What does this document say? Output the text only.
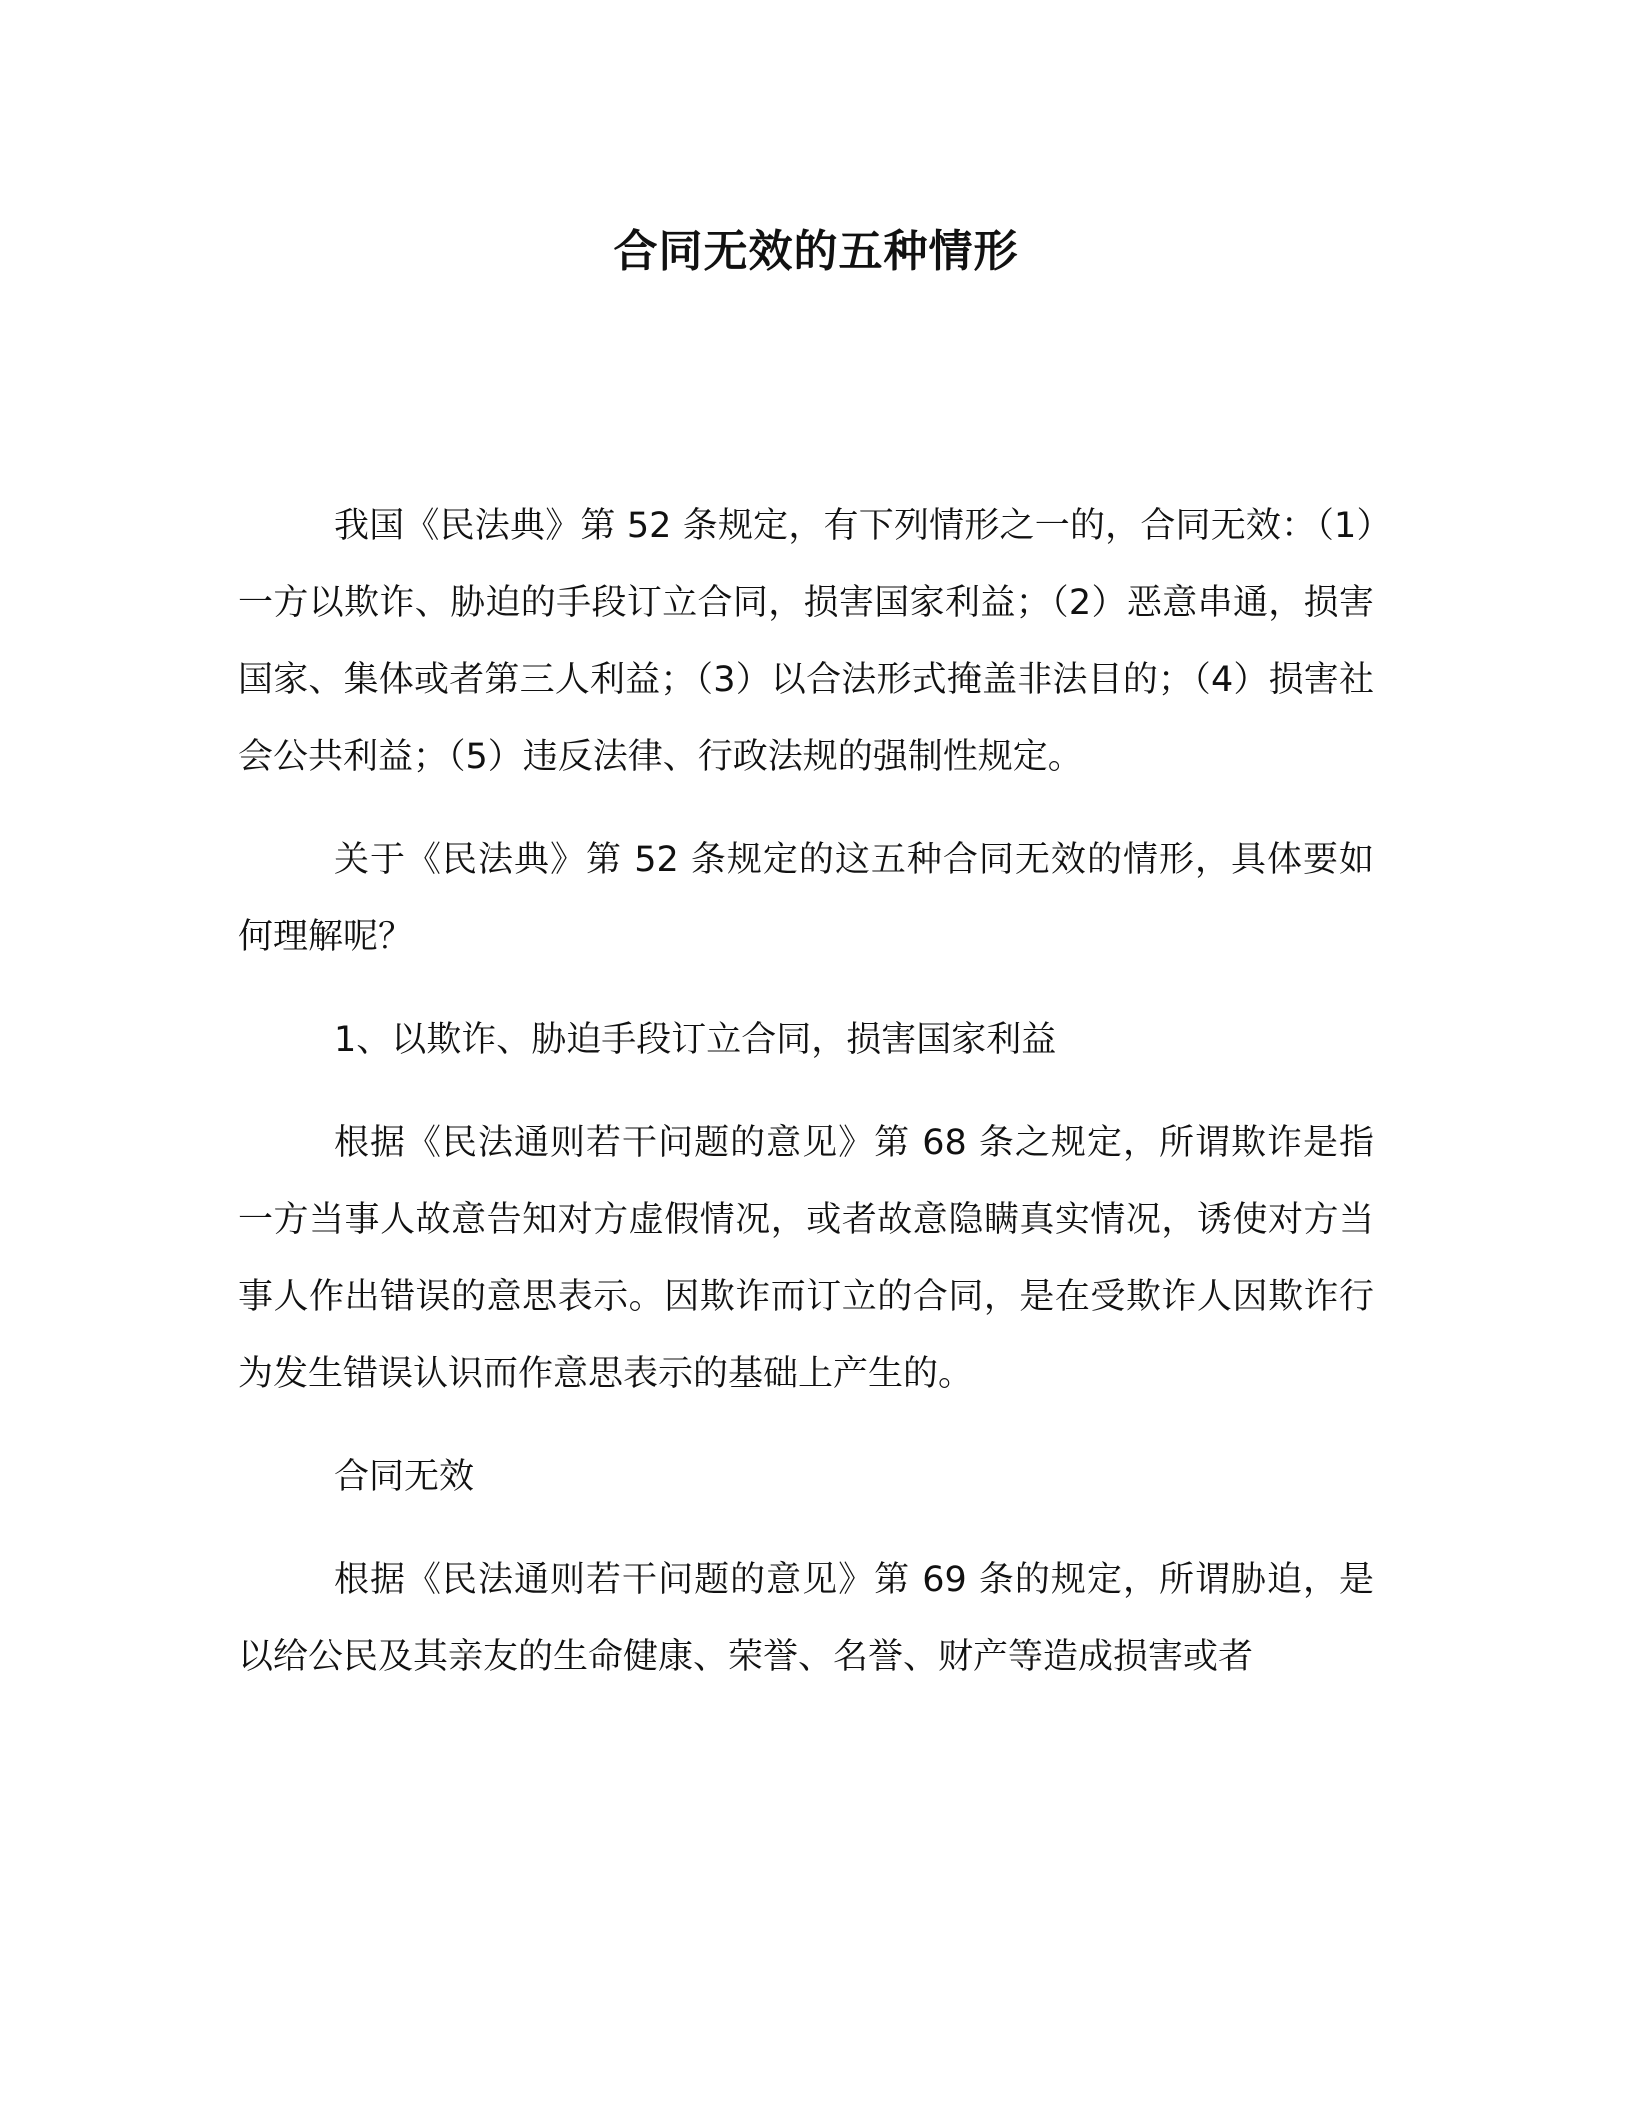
合同无效的五种情形

我国《民法典》第 52 条规定，有下列情形之一的，合同无效：（1）一方以欺诈、胁迫的手段订立合同，损害国家利益；（2）恶意串通，损害国家、集体或者第三人利益；（3）以合法形式掩盖非法目的；（4）损害社会公共利益；（5）违反法律、行政法规的强制性规定。

关于《民法典》第 52 条规定的这五种合同无效的情形，具体要如何理解呢？

1、以欺诈、胁迫手段订立合同，损害国家利益

根据《民法通则若干问题的意见》第 68 条之规定，所谓欺诈是指一方当事人故意告知对方虚假情况，或者故意隐瞒真实情况，诱使对方当事人作出错误的意思表示。因欺诈而订立的合同，是在受欺诈人因欺诈行为发生错误认识而作意思表示的基础上产生的。

合同无效

根据《民法通则若干问题的意见》第 69 条的规定，所谓胁迫，是以给公民及其亲友的生命健康、荣誉、名誉、财产等造成损害或者
